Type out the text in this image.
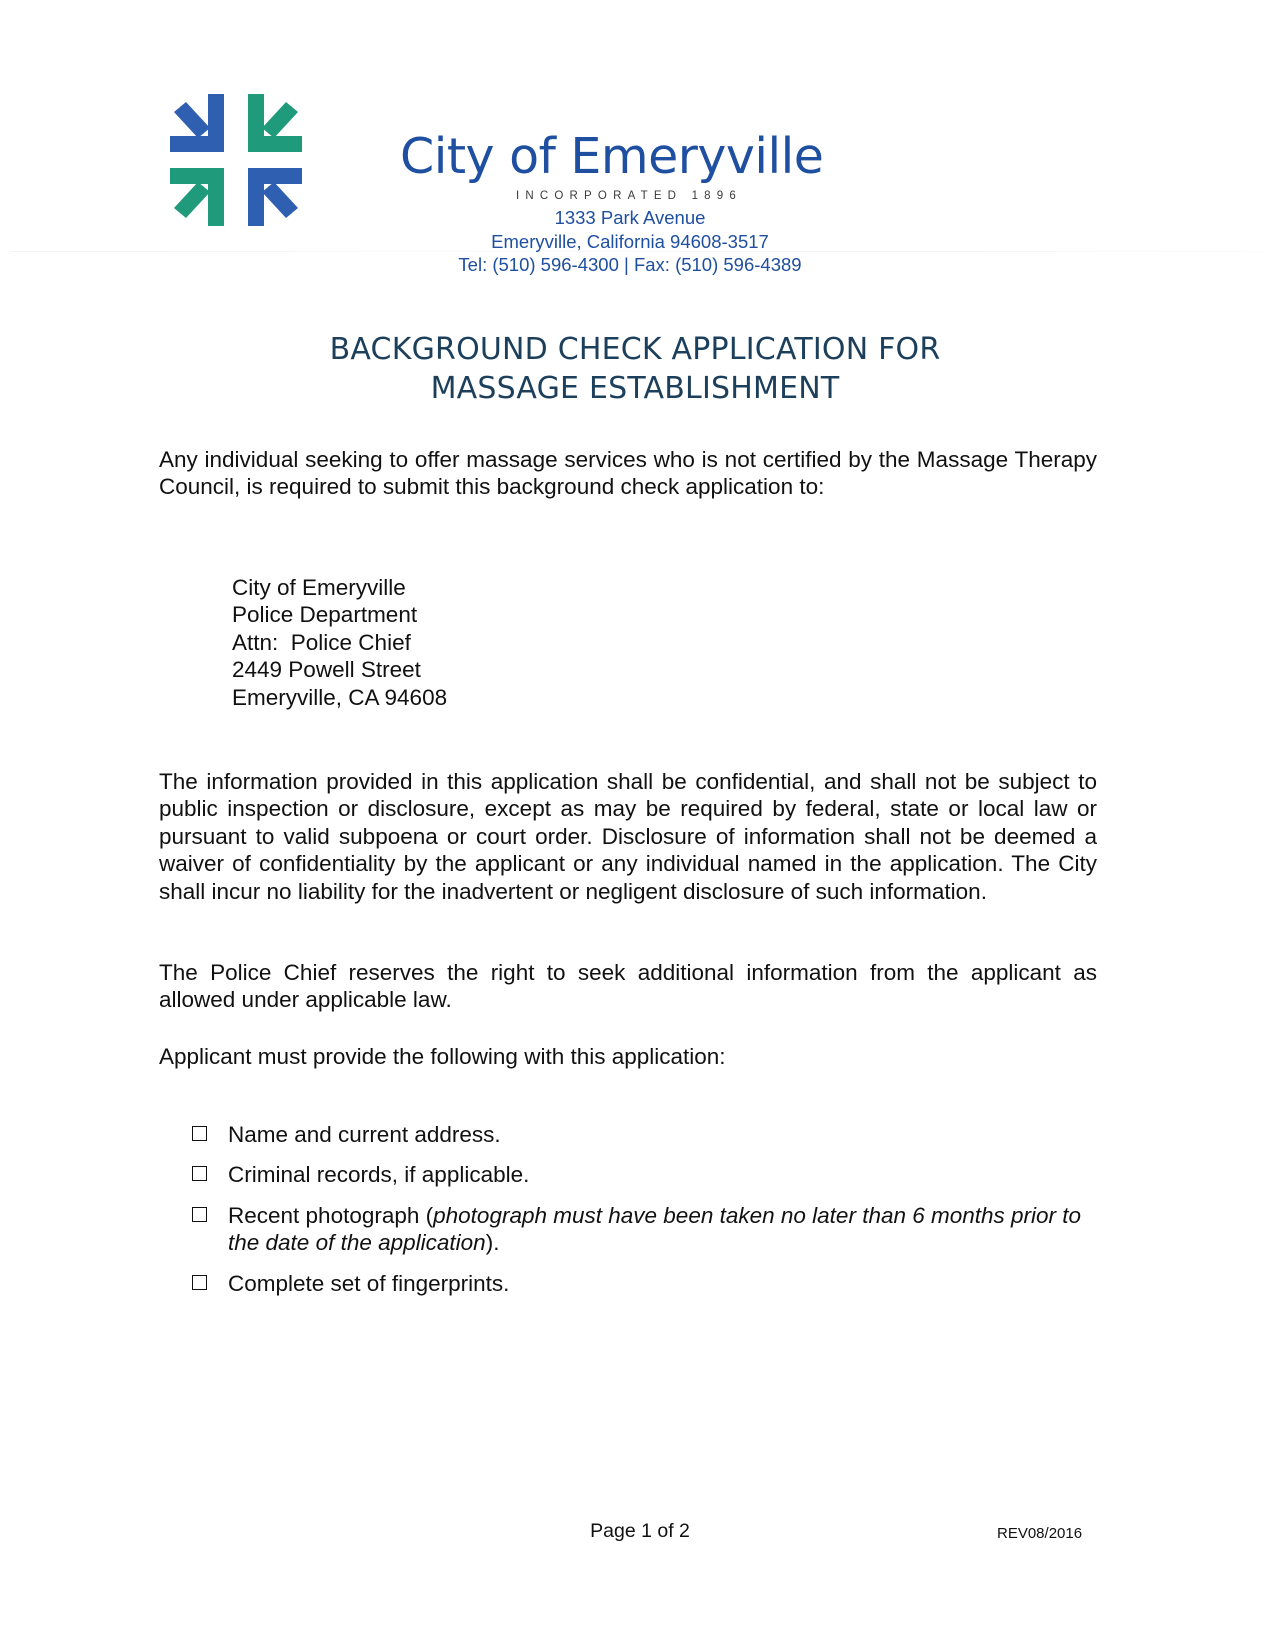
City of Emeryville
INCORPORATED 1896
1333 Park Avenue
Emeryville, California 94608-3517
Tel: (510) 596-4300 | Fax: (510) 596-4389
BACKGROUND CHECK APPLICATION FOR
MASSAGE ESTABLISHMENT
Any individual seeking to offer massage services who is not certified by the Massage Therapy Council, is required to submit this background check application to:
City of Emeryville
Police Department
Attn:  Police Chief
2449 Powell Street
Emeryville, CA 94608
The information provided in this application shall be confidential, and shall not be subject to public inspection or disclosure, except as may be required by federal, state or local law or pursuant to valid subpoena or court order. Disclosure of information shall not be deemed a waiver of confidentiality by the applicant or any individual named in the application. The City shall incur no liability for the inadvertent or negligent disclosure of such information.
The Police Chief reserves the right to seek additional information from the applicant as allowed under applicable law.
Applicant must provide the following with this application:
Name and current address.
Criminal records, if applicable.
Recent photograph (photograph must have been taken no later than 6 months prior to the date of the application).
Complete set of fingerprints.
Page 1 of 2	REV08/2016
